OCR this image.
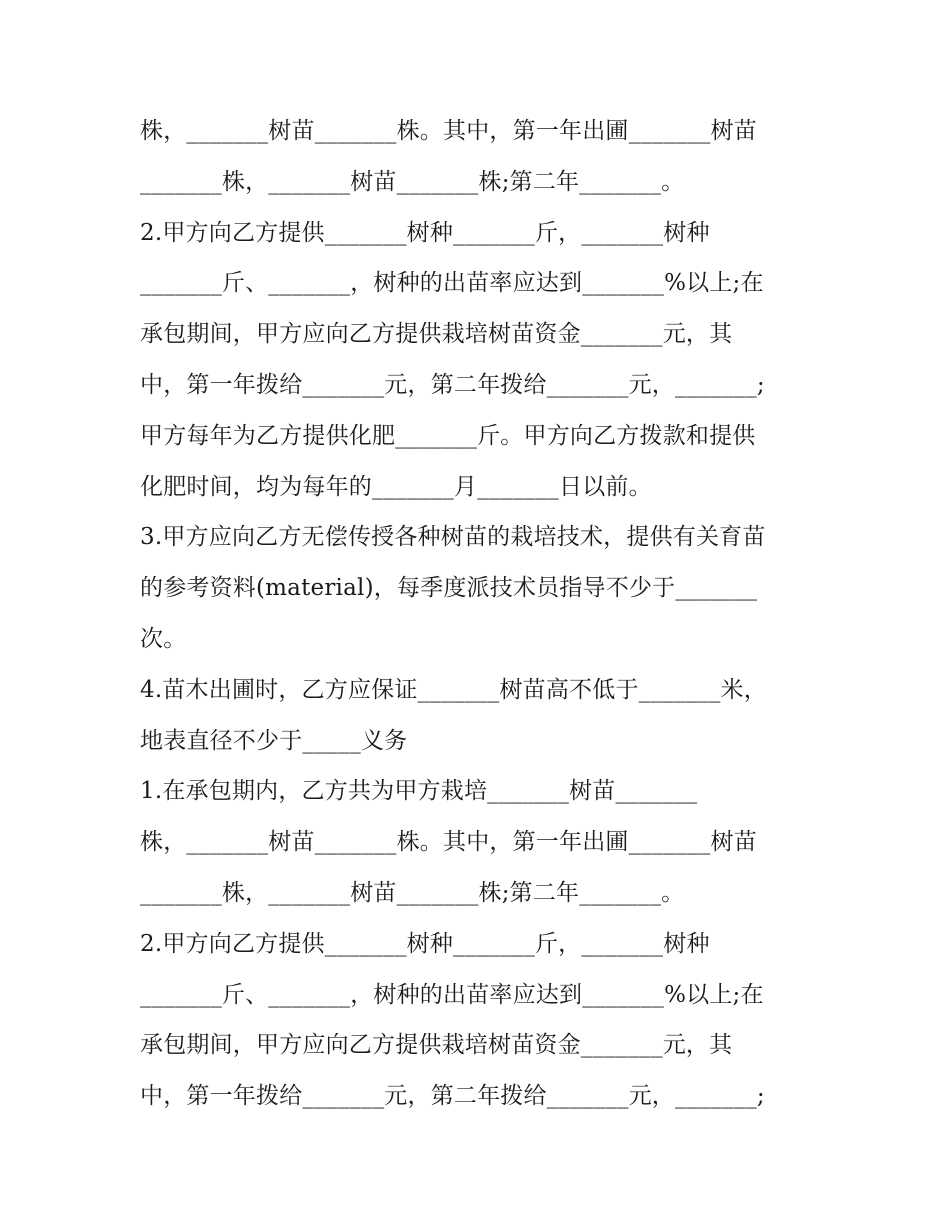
株，_______树苗_______株。其中，第一年出圃_______树苗
_______株，_______树苗_______株;第二年_______。
2.甲方向乙方提供_______树种_______斤，_______树种
_______斤、_______，树种的出苗率应达到_______%以上;在
承包期间，甲方应向乙方提供栽培树苗资金_______元，其
中，第一年拨给_______元，第二年拨给_______元，_______;
甲方每年为乙方提供化肥_______斤。甲方向乙方拨款和提供
化肥时间，均为每年的_______月_______日以前。
3.甲方应向乙方无偿传授各种树苗的栽培技术，提供有关育苗
的参考资料(material)，每季度派技术员指导不少于_______
次。
4.苗木出圃时，乙方应保证_______树苗高不低于_______米，
地表直径不少于_____义务
1.在承包期内，乙方共为甲方栽培_______树苗_______
株，_______树苗_______株。其中，第一年出圃_______树苗
_______株，_______树苗_______株;第二年_______。
2.甲方向乙方提供_______树种_______斤，_______树种
_______斤、_______，树种的出苗率应达到_______%以上;在
承包期间，甲方应向乙方提供栽培树苗资金_______元，其
中，第一年拨给_______元，第二年拨给_______元，_______;
